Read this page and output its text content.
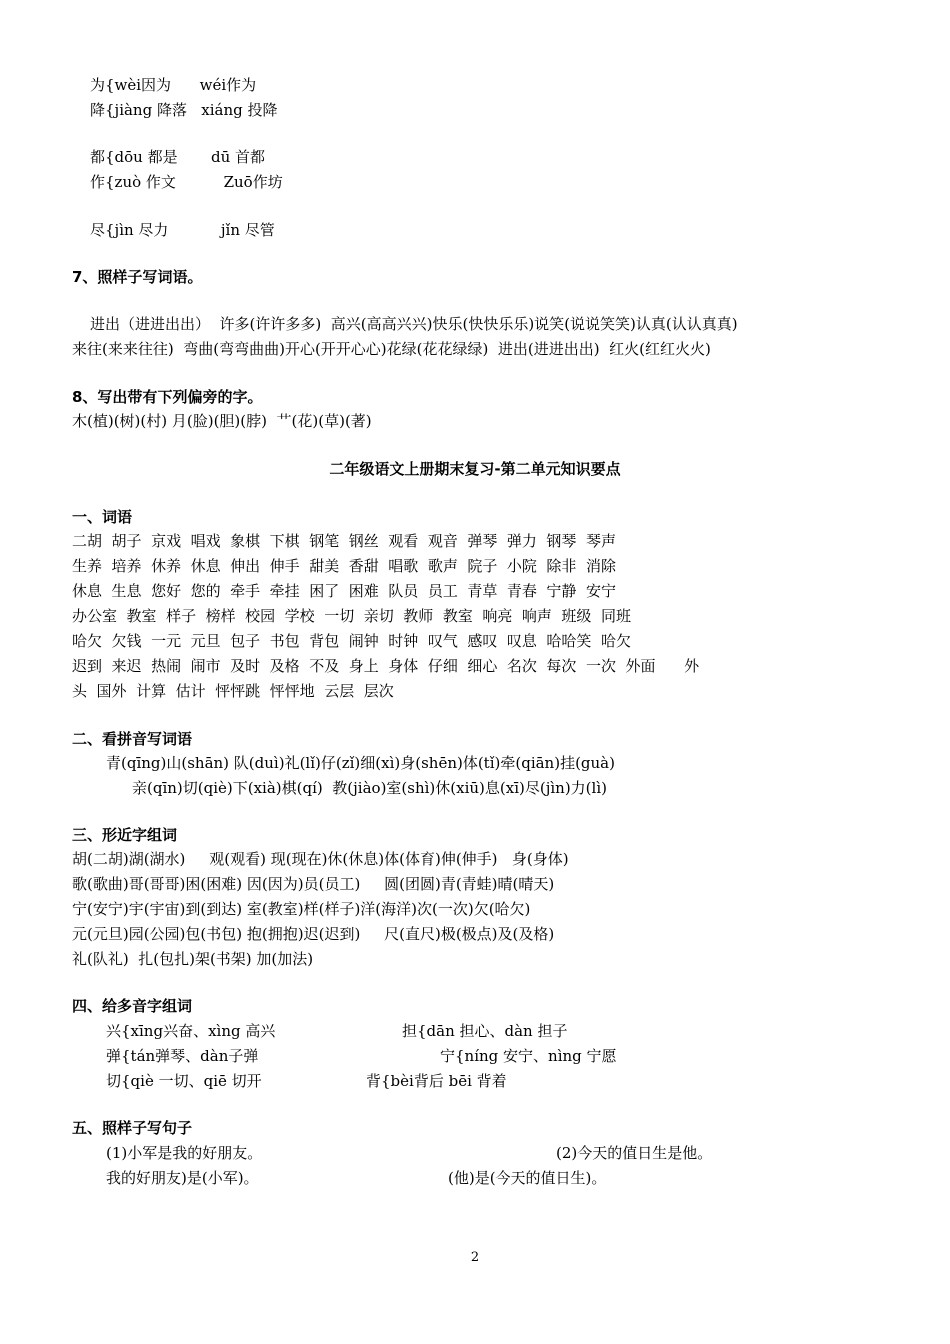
为{wèi因为      wéi作为
降{jiàng 降落   xiáng 投降
都{dōu 都是       dū 首都
作{zuò 作文          Zuō作坊
尽{jìn 尽力           jǐn 尽管
7、照样子写词语。
进出（进进出出）  许多(许许多多)  高兴(高高兴兴)快乐(快快乐乐)说笑(说说笑笑)认真(认认真真)
来往(来来往往)  弯曲(弯弯曲曲)开心(开开心心)花绿(花花绿绿)  进出(进进出出)  红火(红红火火)
8、写出带有下列偏旁的字。
木(植)(树)(村) 月(脸)(胆)(脖)  艹(花)(草)(著)
二年级语文上册期末复习-第二单元知识要点
一、词语
二胡  胡子  京戏  唱戏  象棋  下棋  钢笔  钢丝  观看  观音  弹琴  弹力  钢琴  琴声
生养  培养  休养  休息  伸出  伸手  甜美  香甜  唱歌  歌声  院子  小院  除非  消除
休息  生息  您好  您的  牵手  牵挂  困了  困难  队员  员工  青草  青春  宁静  安宁
办公室  教室  样子  榜样  校园  学校  一切  亲切  教师  教室  响亮  响声  班级  同班
哈欠  欠钱  一元  元旦  包子  书包  背包  闹钟  时钟  叹气  感叹  叹息  哈哈笑  哈欠
迟到  来迟  热闹  闹市  及时  及格  不及  身上  身体  仔细  细心  名次  每次  一次  外面      外
头  国外  计算  估计  怦怦跳  怦怦地  云层  层次
二、看拼音写词语
青(qīng)山(shān) 队(duì)礼(lǐ)仔(zǐ)细(xì)身(shēn)体(tǐ)牵(qiān)挂(guà)
亲(qīn)切(qiè)下(xià)棋(qí)  教(jiào)室(shì)休(xiū)息(xī)尽(jìn)力(lì)
三、形近字组词
胡(二胡)湖(湖水)     观(观看) 现(现在)休(休息)体(体育)伸(伸手)   身(身体)
歌(歌曲)哥(哥哥)困(困难) 因(因为)员(员工)     圆(团圆)青(青蛙)晴(晴天)
宁(安宁)宇(宇宙)到(到达) 室(教室)样(样子)洋(海洋)次(一次)欠(哈欠)
元(元旦)园(公园)包(书包) 抱(拥抱)迟(迟到)     尺(直尺)极(极点)及(及格)
礼(队礼)  扎(包扎)架(书架) 加(加法)
四、给多音字组词
兴{xīng兴奋、xìng 高兴	担{dān 担心、dàn 担子
弹{tán弹琴、dàn子弹	宁{níng 安宁、nìng 宁愿
切{qiè 一切、qiē 切开	背{bèi背后 bēi 背着
五、照样子写句子
(1)小军是我的好朋友。	(2)今天的值日生是他。
我的好朋友)是(小军)。	(他)是(今天的值日生)。
2
